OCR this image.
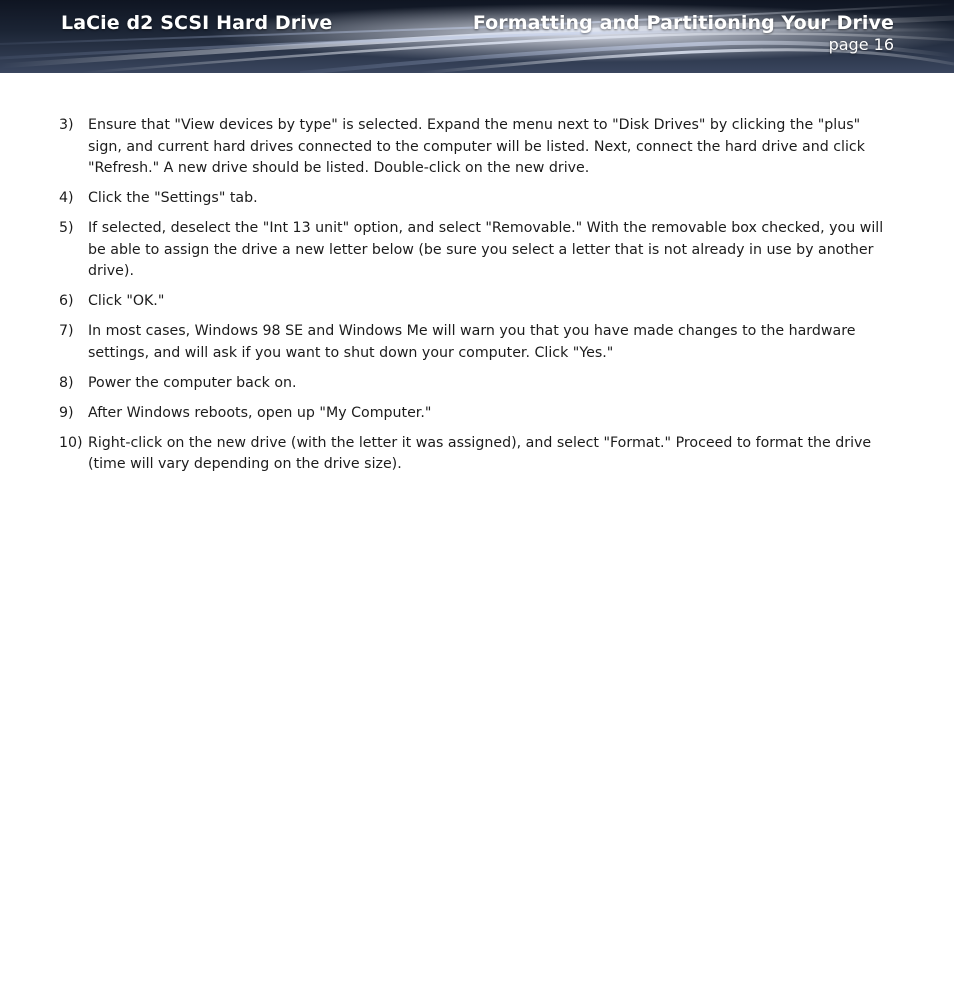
LaCie d2 SCSI Hard Drive	Formatting and Partitioning Your Drive
page 16
3) Ensure that "View devices by type" is selected. Expand the menu next to "Disk Drives" by clicking the "plus" sign, and current hard drives connected to the computer will be listed. Next, connect the hard drive and click "Refresh." A new drive should be listed. Double-click on the new drive.
4) Click the "Settings" tab.
5) If selected, deselect the "Int 13 unit" option, and select "Removable." With the removable box checked, you will be able to assign the drive a new letter below (be sure you select a letter that is not already in use by another drive).
6) Click "OK."
7) In most cases, Windows 98 SE and Windows Me will warn you that you have made changes to the hardware settings, and will ask if you want to shut down your computer. Click "Yes."
8) Power the computer back on.
9) After Windows reboots, open up "My Computer."
10) Right-click on the new drive (with the letter it was assigned), and select "Format." Proceed to format the drive (time will vary depending on the drive size).
